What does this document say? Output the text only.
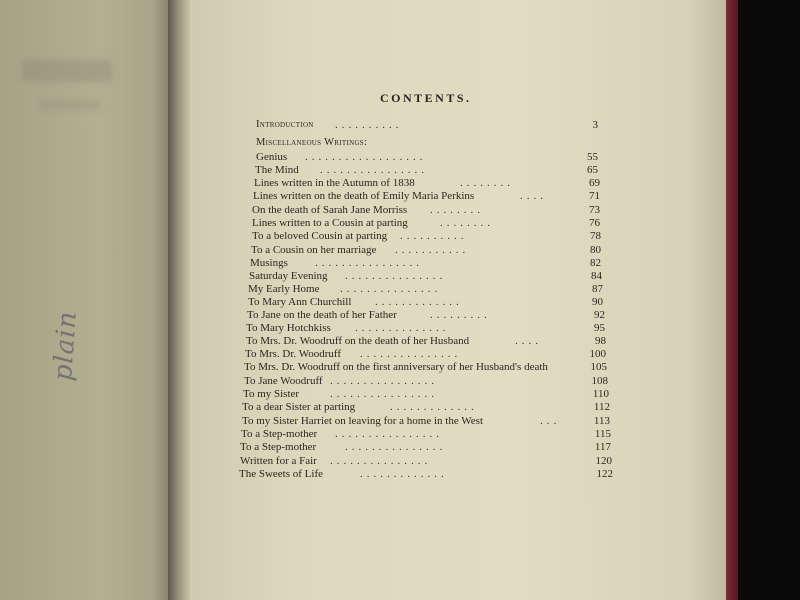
plain
CONTENTS.
Miscellaneous Writings:
Introduction ..........	3
Genius ..................	55
The Mind ................	65
Lines written in the Autumn of 1838	........	69
Lines written on the death of Emily Maria Perkins	....	71
On the death of Sarah Jane Morriss ........	73
Lines written to a Cousin at parting	........	76
To a beloved Cousin at parting ..........	78
To a Cousin on her marriage ...........	80
Musings ................	82
Saturday Evening ...............	84
My Early Home ...............	87
To Mary Ann Churchill .............	90
To Jane on the death of her Father	.........	92
To Mary Hotchkiss ..............	95
To Mrs. Dr. Woodruff on the death of her Husband	....	98
To Mrs. Dr. Woodruff ...............	100
To Mrs. Dr. Woodruff on the first anniversary of her Husband's death	105
To Jane Woodruff ................	108
To my Sister	................	110
To a dear Sister at parting	.............	112
To my Sister Harriet on leaving for a home in the West	...	113
To a Step-mother ................	115
To a Step-mother	...............	117
Written for a Fair ...............	120
The Sweets of Life	.............	122
